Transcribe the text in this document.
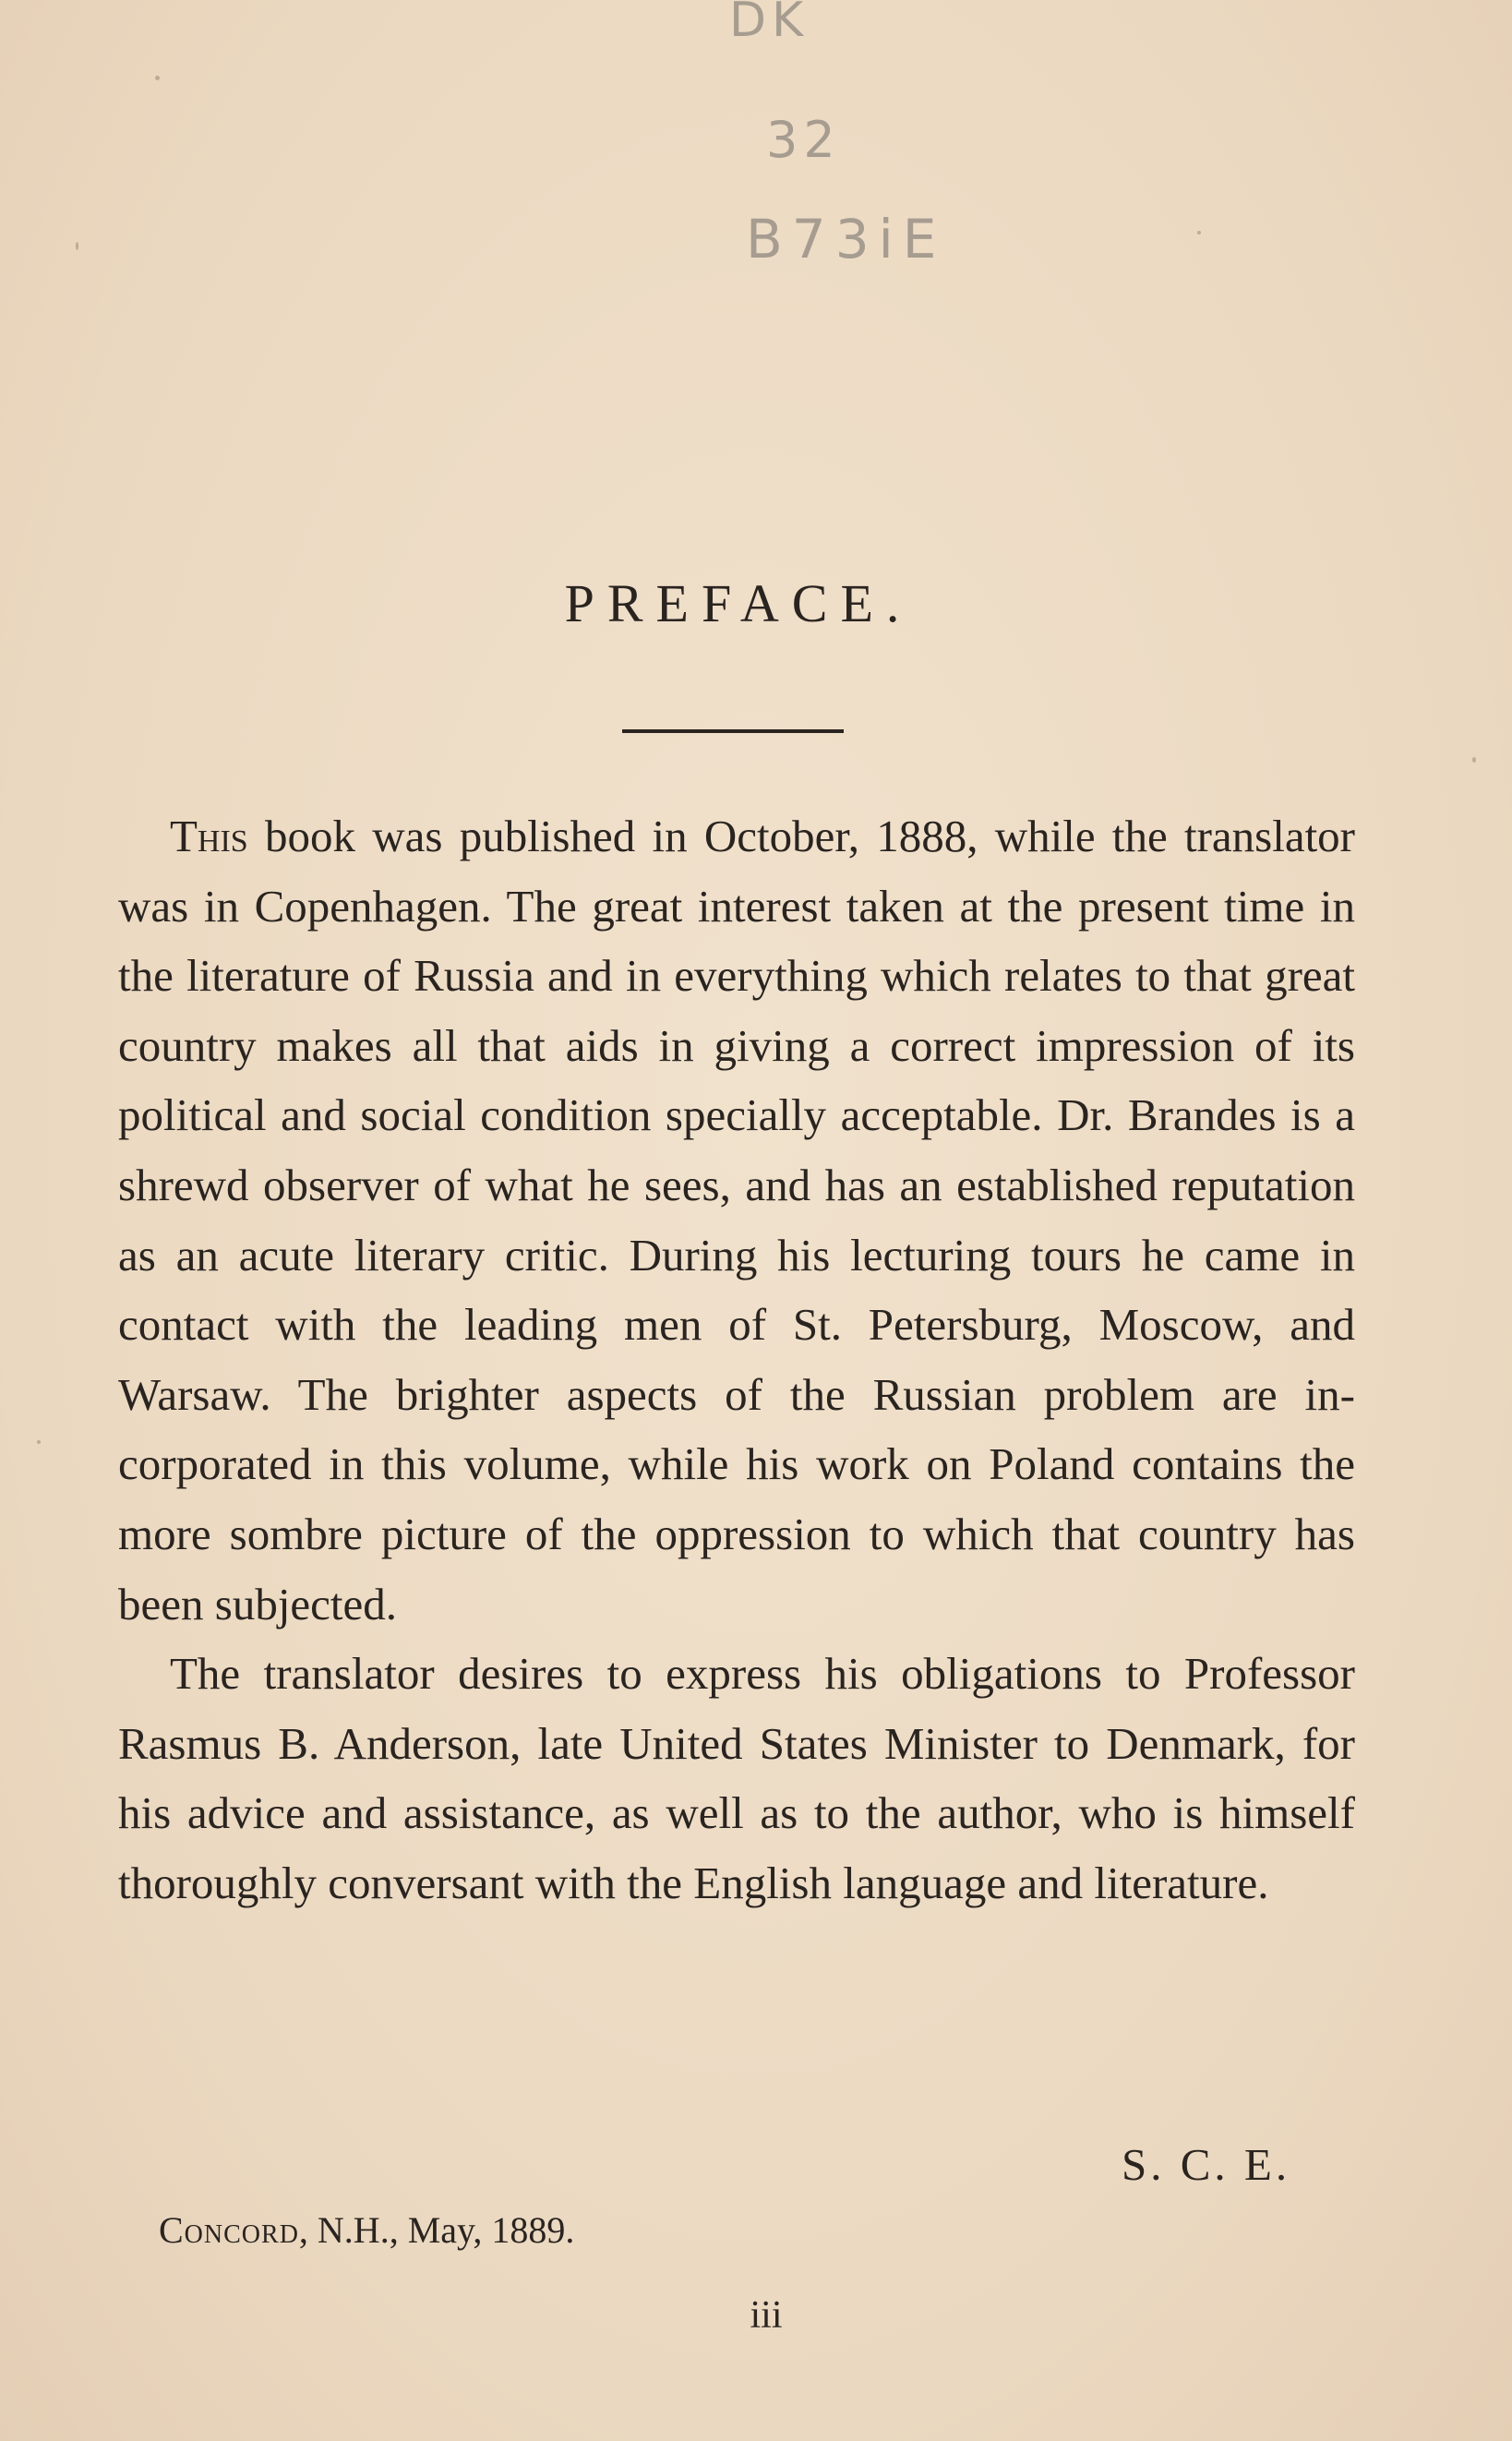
DK
32
B73iE
PREFACE.

This book was published in October, 1888, while the translator was in Copenhagen. The great interest taken at the present time in the literature of Russia and in everything which relates to that great country makes all that aids in giving a correct impression of its political and social condition specially acceptable. Dr. Brandes is a shrewd observer of what he sees, and has an established reputation as an acute literary critic. During his lecturing tours he came in contact with the leading men of St. Petersburg, Moscow, and Warsaw. The brighter aspects of the Russian problem are incorporated in this volume, while his work on Poland contains the more sombre picture of the oppression to which that country has been subjected.

The translator desires to express his obligations to Professor Rasmus B. Anderson, late United States Minister to Denmark, for his advice and assistance, as well as to the author, who is himself thoroughly conversant with the English language and literature.

S. C. E.
Concord, N.H., May, 1889.
iii
